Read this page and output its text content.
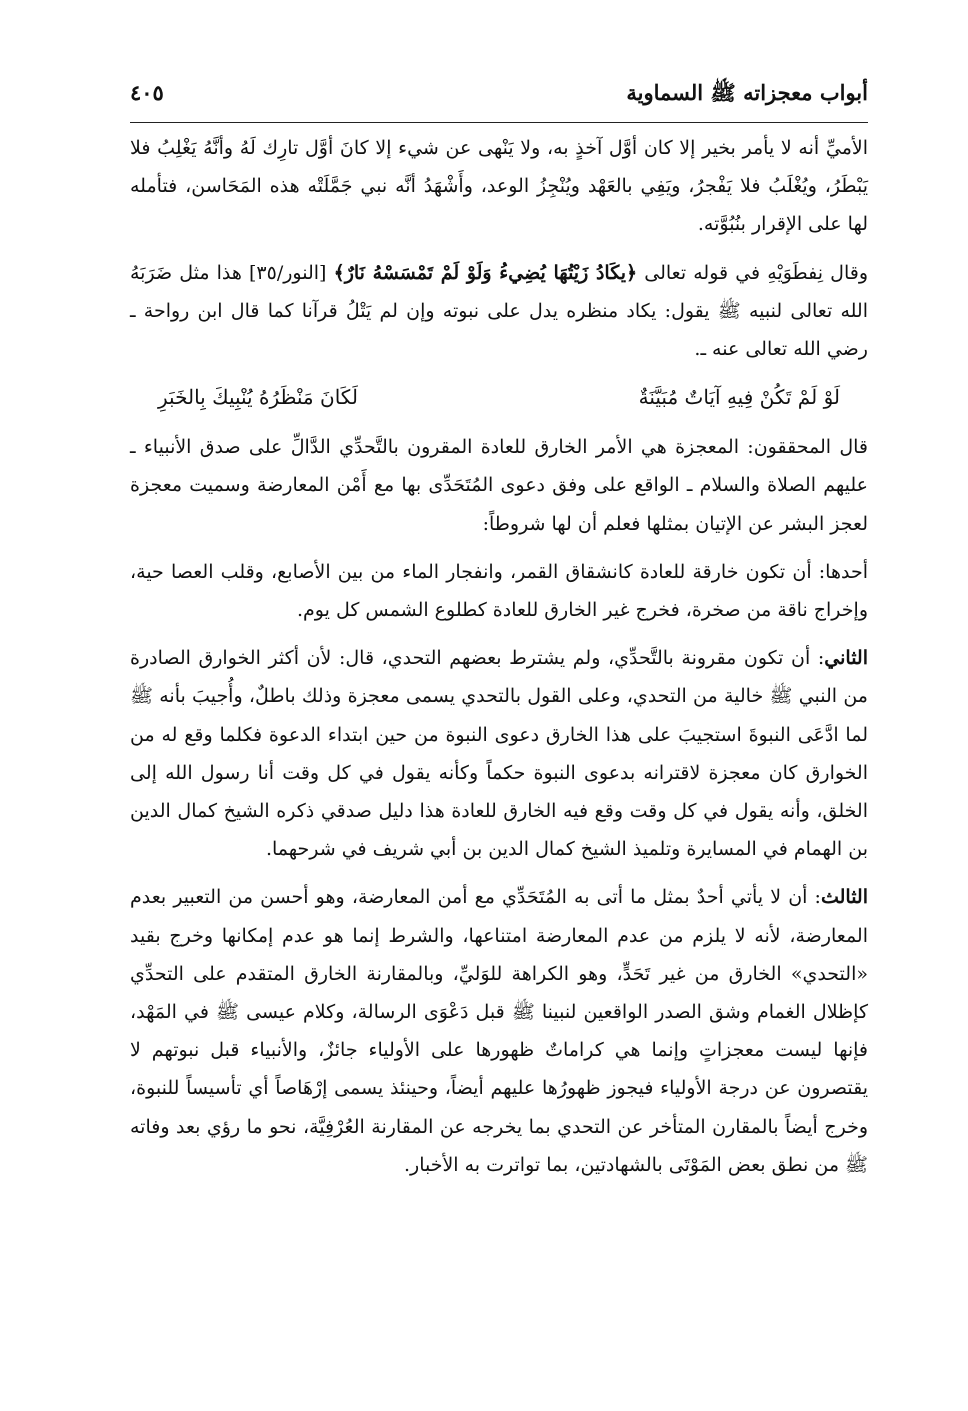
أبواب معجزاته ﷺ السماوية
٤٠٥

الأميِّ أنه لا يأمر بخير إلا كان أوَّل آخذٍ به، ولا يَنْهى عن شيء إلا كانَ أوَّل تارِك لَهُ وأنَّهُ يَغْلِبُ فلا يَبْطَرُ، ويُغْلَبُ فلا يَفْجرُ، ويَفِي بالعَهْد ويُنْجِزُ الوعد، وأَشْهَدُ أنَّه نبي جَمَّلَتْه هذه المَحَاسن، فتأمله لها على الإقرار بنُبُوَّته.

وقال نِفطَوَيْهِ في قوله تعالى ﴿يكَادُ زَيْتُهَا يُضِيءُ وَلَوْ لَمْ تَمْسَسْهُ نَارٌ﴾ [النور/٣٥] هذا مثل ضَرَبَهُ الله تعالى لنبيه ﷺ يقول: يكاد منظره يدل على نبوته وإن لم يَتْلُ قرآنا كما قال ابن رواحة ـ رضي الله تعالى عنه ـ.

لَوْ لَمْ تَكُنْ فِيهِ آيَاتٌ مُبَيَّنَةٌ
لَكَانَ مَنْظَرُهُ يُنْبِيكَ بِالخَبَرِ

قال المحققون: المعجزة هي الأمر الخارق للعادة المقرون بالتَّحدِّي الدَّالِّ على صدق الأنبياء ـ عليهم الصلاة والسلام ـ الواقع على وفق دعوى المُتَحَدِّى بها مع أَمْن المعارضة وسميت معجزة لعجز البشر عن الإتيان بمثلها فعلم أن لها شروطاً:

أحدها: أن تكون خارقة للعادة كانشقاق القمر، وانفجار الماء من بين الأصابع، وقلب العصا حية، وإخراج ناقة من صخرة، فخرج غير الخارق للعادة كطلوع الشمس كل يوم.

الثاني: أن تكون مقرونة بالتَّحدِّي، ولم يشترط بعضهم التحدي، قال: لأن أكثر الخوارق الصادرة من النبي ﷺ خالية من التحدي، وعلى القول بالتحدي يسمى معجزة وذلك باطلٌ، وأُجيبَ بأنه ﷺ لما ادَّعَى النبوةَ استجيبَ على هذا الخارق دعوى النبوة من حين ابتداء الدعوة فكلما وقع له من الخوارق كان معجزة لاقترانه بدعوى النبوة حكماً وكأنه يقول في كل وقت أنا رسول الله إلى الخلق، وأنه يقول في كل وقت وقع فيه الخارق للعادة هذا دليل صدقي ذكره الشيخ كمال الدين بن الهمام في المسايرة وتلميذ الشيخ كمال الدين بن أبي شريف في شرحهما.

الثالث: أن لا يأتي أحدٌ بمثل ما أتى به المُتَحَدِّي مع أمن المعارضة، وهو أحسن من التعبير بعدم المعارضة، لأنه لا يلزم من عدم المعارضة امتناعها، والشرط إنما هو عدم إمكانها وخرج بقيد «التحدي» الخارق من غير تَحَدٍّ، وهو الكراهة للوَليِّ، وبالمقارنة الخارق المتقدم على التحدِّي كإظلال الغمام وشق الصدر الواقعين لنبينا ﷺ قبل دَعْوَى الرسالة، وكلام عيسى ﷺ في المَهْد، فإنها ليست معجزاتٍ وإنما هي كراماتٌ ظهورها على الأولياء جائزٌ، والأنبياء قبل نبوتهم لا يقتصرون عن درجة الأولياء فيجوز ظهورُها عليهم أيضاً، وحينئذ يسمى إرْهَاصاً أي تأسيساً للنبوة، وخرج أيضاً بالمقارن المتأخر عن التحدي بما يخرجه عن المقارنة العُرْفِيَّة، نحو ما رؤي بعد وفاته ﷺ من نطق بعض المَوْتَى بالشهادتين، بما تواترت به الأخبار.
